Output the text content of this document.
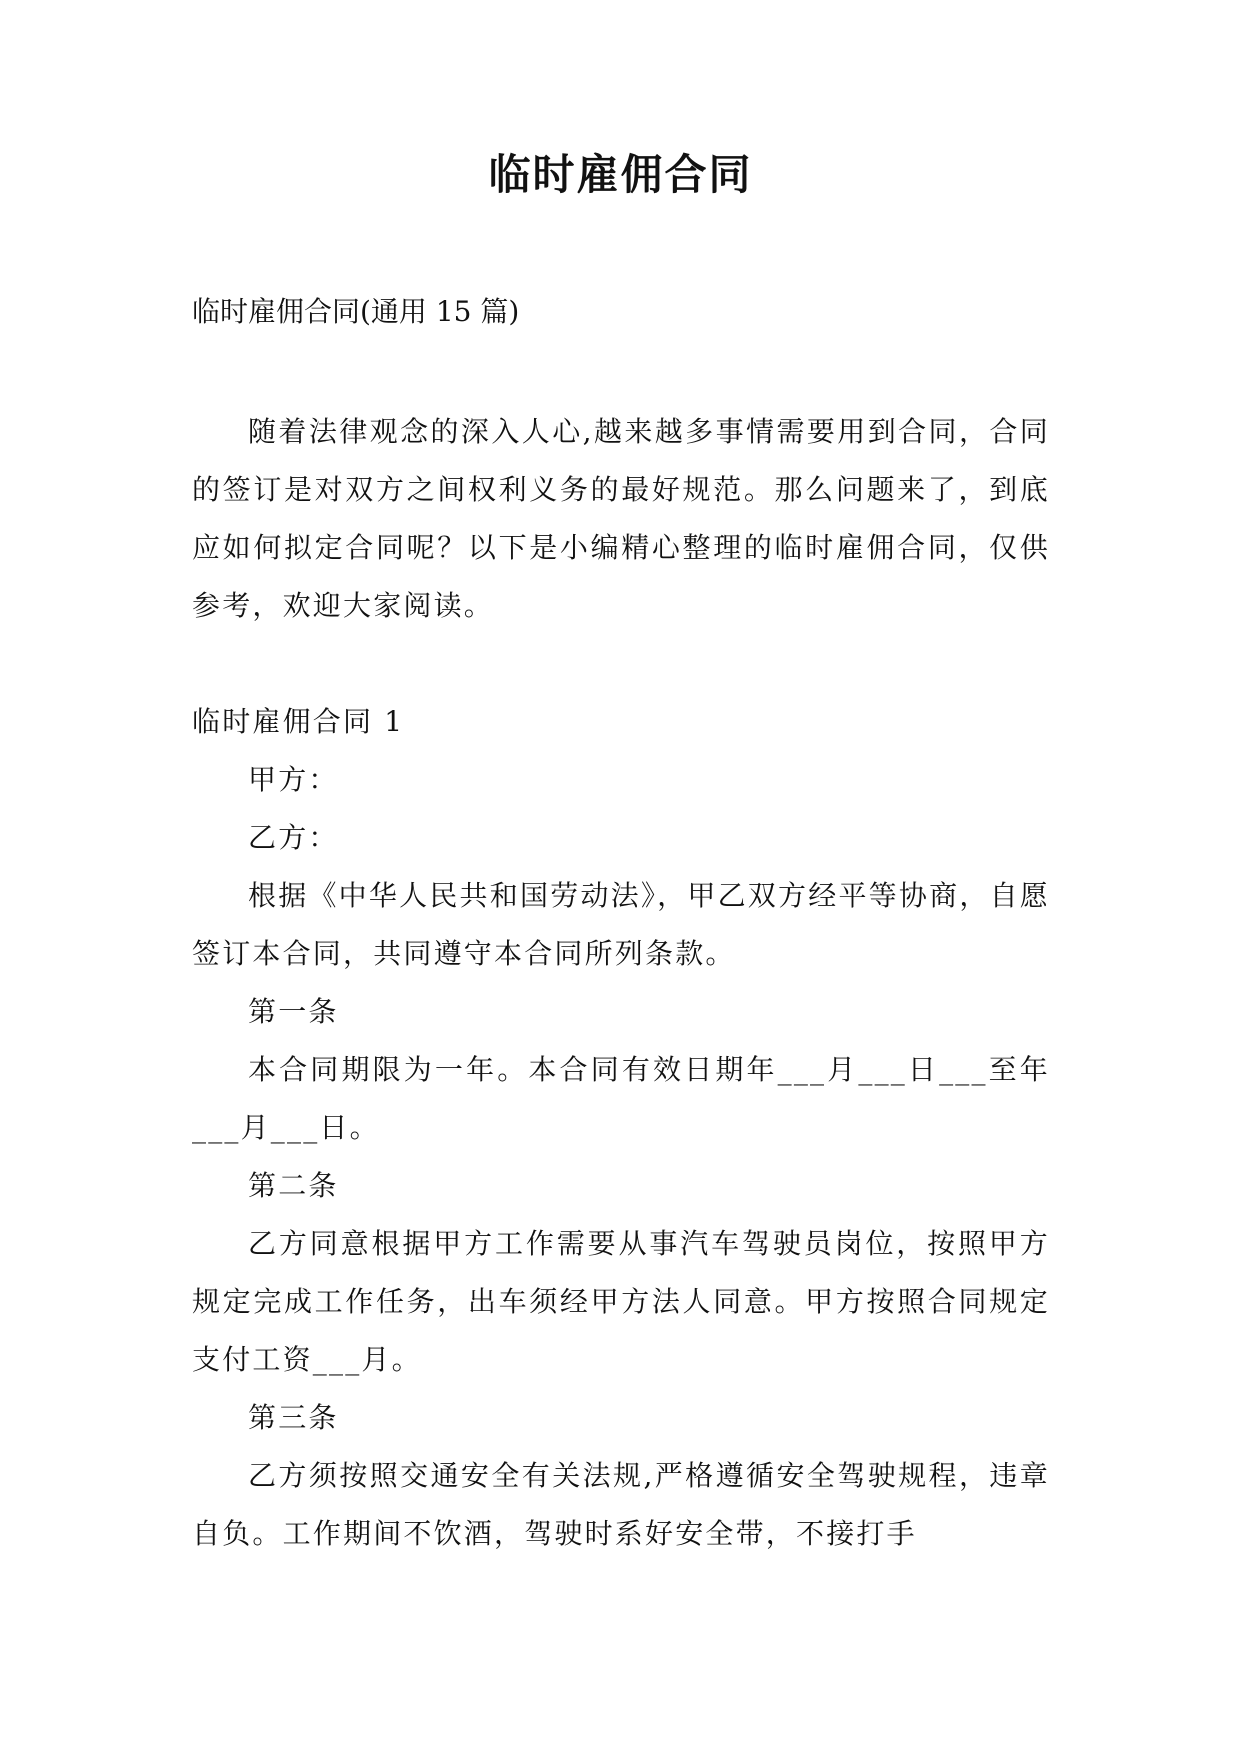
临时雇佣合同
临时雇佣合同(通用 15 篇)

随着法律观念的深入人心,越来越多事情需要用到合同，合同的签订是对双方之间权利义务的最好规范。那么问题来了，到底应如何拟定合同呢？以下是小编精心整理的临时雇佣合同，仅供参考，欢迎大家阅读。

临时雇佣合同 1

甲方：

乙方：

根据《中华人民共和国劳动法》，甲乙双方经平等协商，自愿签订本合同，共同遵守本合同所列条款。

第一条

本合同期限为一年。本合同有效日期年___月___日___至年___月___日。

第二条

乙方同意根据甲方工作需要从事汽车驾驶员岗位，按照甲方规定完成工作任务，出车须经甲方法人同意。甲方按照合同规定支付工资___月。

第三条

乙方须按照交通安全有关法规,严格遵循安全驾驶规程，违章自负。工作期间不饮酒，驾驶时系好安全带，不接打手
